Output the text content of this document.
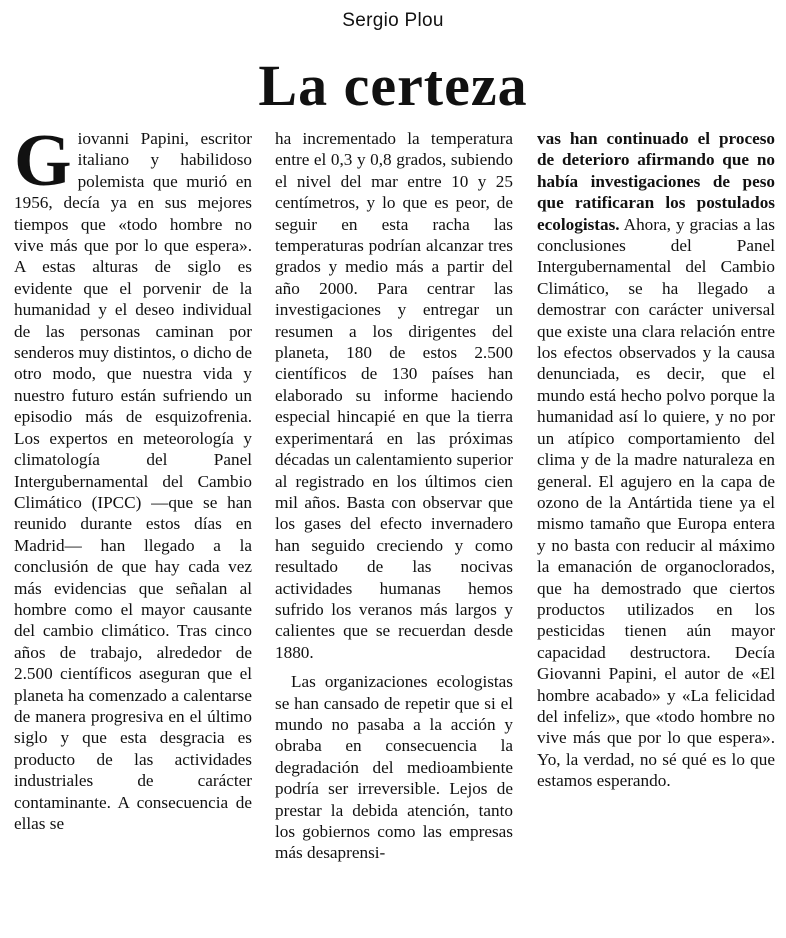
Sergio Plou
La certeza

Giovanni Papini, escritor italiano y habilidoso polemista que murió en 1956, decía ya en sus mejores tiempos que «todo hombre no vive más que por lo que espera». A estas alturas de siglo es evidente que el porvenir de la humanidad y el deseo individual de las personas caminan por senderos muy distintos, o dicho de otro modo, que nuestra vida y nuestro futuro están sufriendo un episodio más de esquizofrenia. Los expertos en meteorología y climatología del Panel Intergubernamental del Cambio Climático (IPCC) —que se han reunido durante estos días en Madrid— han llegado a la conclusión de que hay cada vez más evidencias que señalan al hombre como el mayor causante del cambio climático. Tras cinco años de trabajo, alrededor de 2.500 científicos aseguran que el planeta ha comenzado a calentarse de manera progresiva en el último siglo y que esta desgracia es producto de las actividades industriales de carácter contaminante. A consecuencia de ellas se

ha incrementado la temperatura entre el 0,3 y 0,8 grados, subiendo el nivel del mar entre 10 y 25 centímetros, y lo que es peor, de seguir en esta racha las temperaturas podrían alcanzar tres grados y medio más a partir del año 2000. Para centrar las investigaciones y entregar un resumen a los dirigentes del planeta, 180 de estos 2.500 científicos de 130 países han elaborado su informe haciendo especial hincapié en que la tierra experimentará en las próximas décadas un calentamiento superior al registrado en los últimos cien mil años. Basta con observar que los gases del efecto invernadero han seguido creciendo y como resultado de las nocivas actividades humanas hemos sufrido los veranos más largos y calientes que se recuerdan desde 1880.

Las organizaciones ecologistas se han cansado de repetir que si el mundo no pasaba a la acción y obraba en consecuencia la degradación del medioambiente podría ser irreversible. Lejos de prestar la debida atención, tanto los gobiernos como las empresas más desaprensi-

vas han continuado el proceso de deterioro afirmando que no había investigaciones de peso que ratificaran los postulados ecologistas. Ahora, y gracias a las conclusiones del Panel Intergubernamental del Cambio Climático, se ha llegado a demostrar con carácter universal que existe una clara relación entre los efectos observados y la causa denunciada, es decir, que el mundo está hecho polvo porque la humanidad así lo quiere, y no por un atípico comportamiento del clima y de la madre naturaleza en general. El agujero en la capa de ozono de la Antártida tiene ya el mismo tamaño que Europa entera y no basta con reducir al máximo la emanación de organoclorados, que ha demostrado que ciertos productos utilizados en los pesticidas tienen aún mayor capacidad destructora. Decía Giovanni Papini, el autor de «El hombre acabado» y «La felicidad del infeliz», que «todo hombre no vive más que por lo que espera». Yo, la verdad, no sé qué es lo que estamos esperando.
